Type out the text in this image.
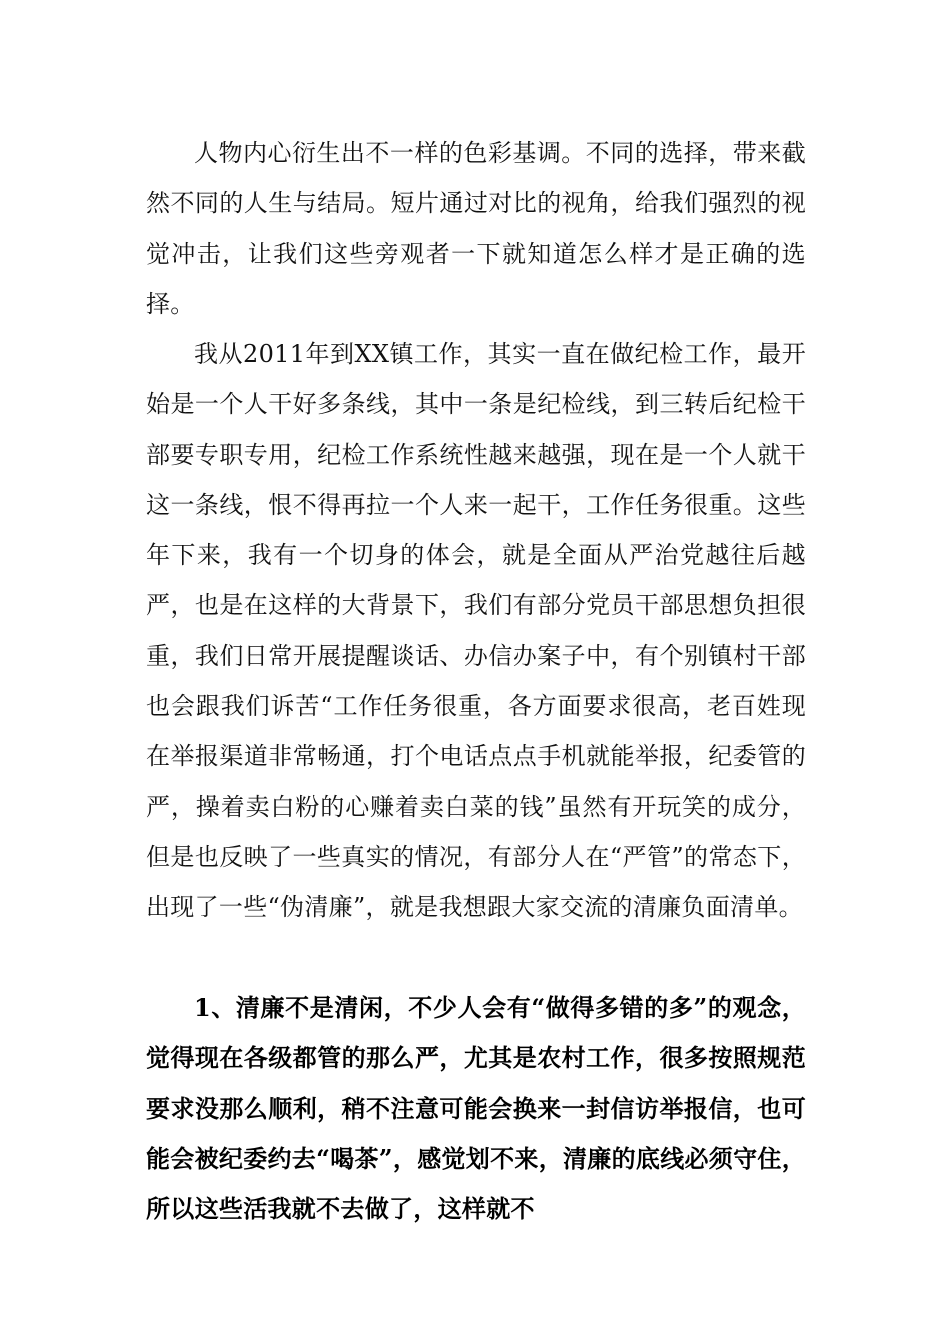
人物内心衍生出不一样的色彩基调。不同的选择，带来截然不同的人生与结局。短片通过对比的视角，给我们强烈的视觉冲击，让我们这些旁观者一下就知道怎么样才是正确的选择。

我从2011年到XX镇工作，其实一直在做纪检工作，最开始是一个人干好多条线，其中一条是纪检线，到三转后纪检干部要专职专用，纪检工作系统性越来越强，现在是一个人就干这一条线，恨不得再拉一个人来一起干，工作任务很重。这些年下来，我有一个切身的体会，就是全面从严治党越往后越严，也是在这样的大背景下，我们有部分党员干部思想负担很重，我们日常开展提醒谈话、办信办案子中，有个别镇村干部也会跟我们诉苦“工作任务很重，各方面要求很高，老百姓现在举报渠道非常畅通，打个电话点点手机就能举报，纪委管的严，操着卖白粉的心赚着卖白菜的钱”虽然有开玩笑的成分，但是也反映了一些真实的情况，有部分人在“严管”的常态下，出现了一些“伪清廉”，就是我想跟大家交流的清廉负面清单。

1、清廉不是清闲，不少人会有“做得多错的多”的观念，觉得现在各级都管的那么严，尤其是农村工作，很多按照规范要求没那么顺利，稍不注意可能会换来一封信访举报信，也可能会被纪委约去“喝茶”，感觉划不来，清廉的底线必须守住，所以这些活我就不去做了，这样就不
